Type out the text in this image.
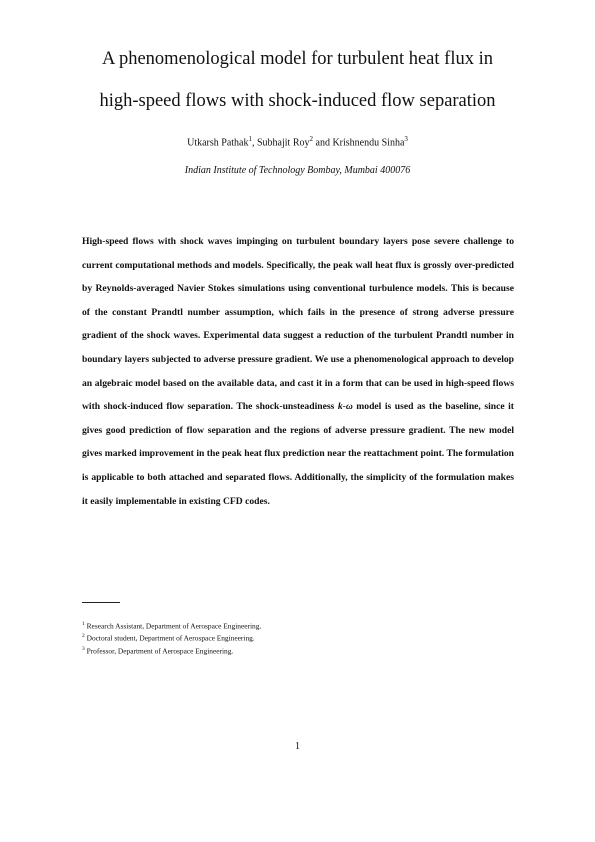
A phenomenological model for turbulent heat flux in
high-speed flows with shock-induced flow separation
Utkarsh Pathak$^1$, Subhajit Roy$^2$ and Krishnendu Sinha$^3$
Indian Institute of Technology Bombay, Mumbai 400076

High-speed flows with shock waves impinging on turbulent boundary layers pose severe challenge to current computational methods and models. Specifically, the peak wall heat flux is grossly over-predicted by Reynolds-averaged Navier Stokes simulations using conventional turbulence models. This is because of the constant Prandtl number assumption, which fails in the presence of strong adverse pressure gradient of the shock waves. Experimental data suggest a reduction of the turbulent Prandtl number in boundary layers subjected to adverse pressure gradient. We use a phenomenological approach to develop an algebraic model based on the available data, and cast it in a form that can be used in high-speed flows with shock-induced flow separation. The shock-unsteadiness k-ω model is used as the baseline, since it gives good prediction of flow separation and the regions of adverse pressure gradient. The new model gives marked improvement in the peak heat flux prediction near the reattachment point. The formulation is applicable to both attached and separated flows. Additionally, the simplicity of the formulation makes it easily implementable in existing CFD codes.

$^1$ Research Assistant, Department of Aerospace Engineering.
$^2$ Doctoral student, Department of Aerospace Engineering.
$^3$ Professor, Department of Aerospace Engineering.
1
